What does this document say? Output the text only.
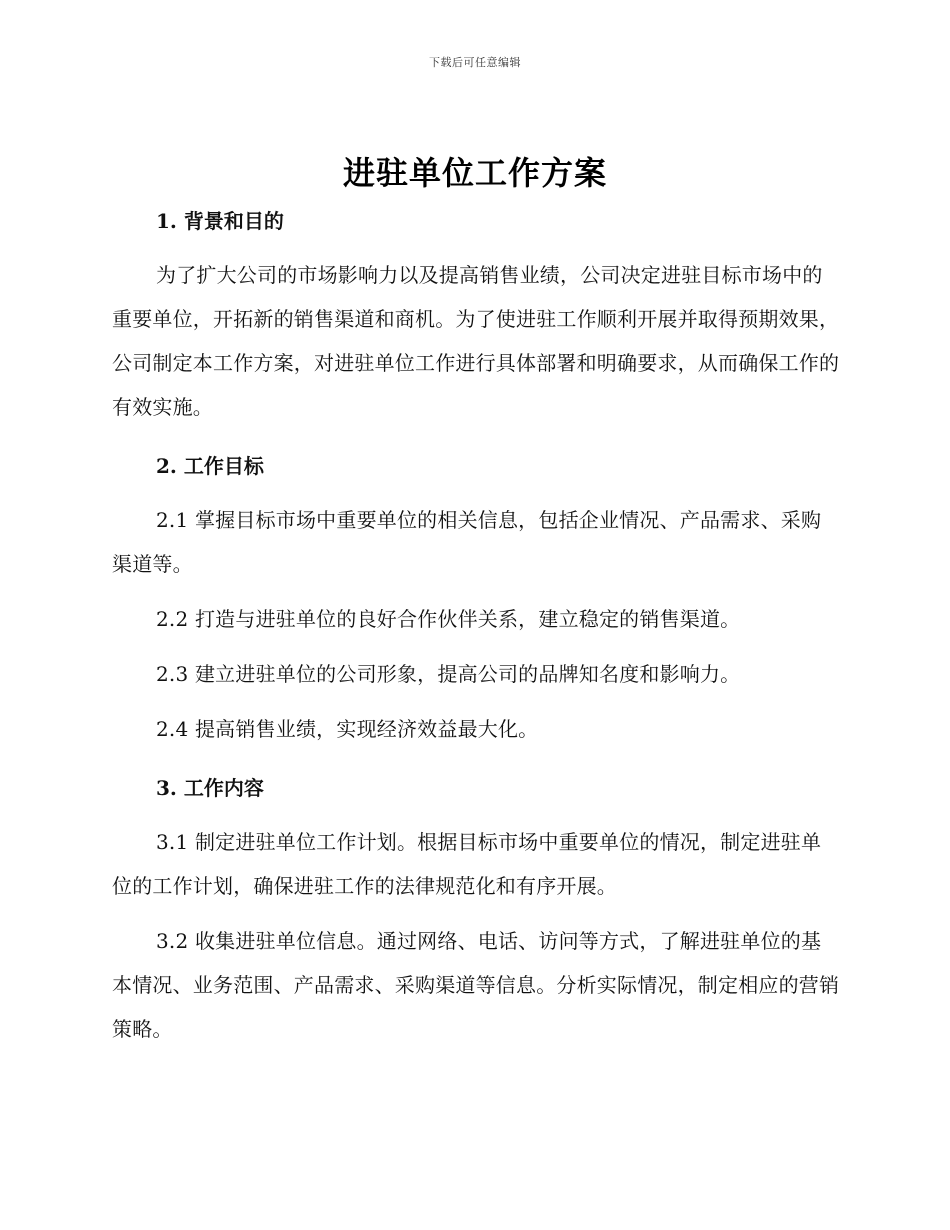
下载后可任意编辑
进驻单位工作方案

1. 背景和目的

为了扩大公司的市场影响力以及提高销售业绩，公司决定进驻目标市场中的重要单位，开拓新的销售渠道和商机。为了使进驻工作顺利开展并取得预期效果，公司制定本工作方案，对进驻单位工作进行具体部署和明确要求，从而确保工作的有效实施。

2. 工作目标

2.1 掌握目标市场中重要单位的相关信息，包括企业情况、产品需求、采购渠道等。

2.2 打造与进驻单位的良好合作伙伴关系，建立稳定的销售渠道。

2.3 建立进驻单位的公司形象，提高公司的品牌知名度和影响力。

2.4 提高销售业绩，实现经济效益最大化。

3. 工作内容

3.1 制定进驻单位工作计划。根据目标市场中重要单位的情况，制定进驻单位的工作计划，确保进驻工作的法律规范化和有序开展。

3.2 收集进驻单位信息。通过网络、电话、访问等方式，了解进驻单位的基本情况、业务范围、产品需求、采购渠道等信息。分析实际情况，制定相应的营销策略。
